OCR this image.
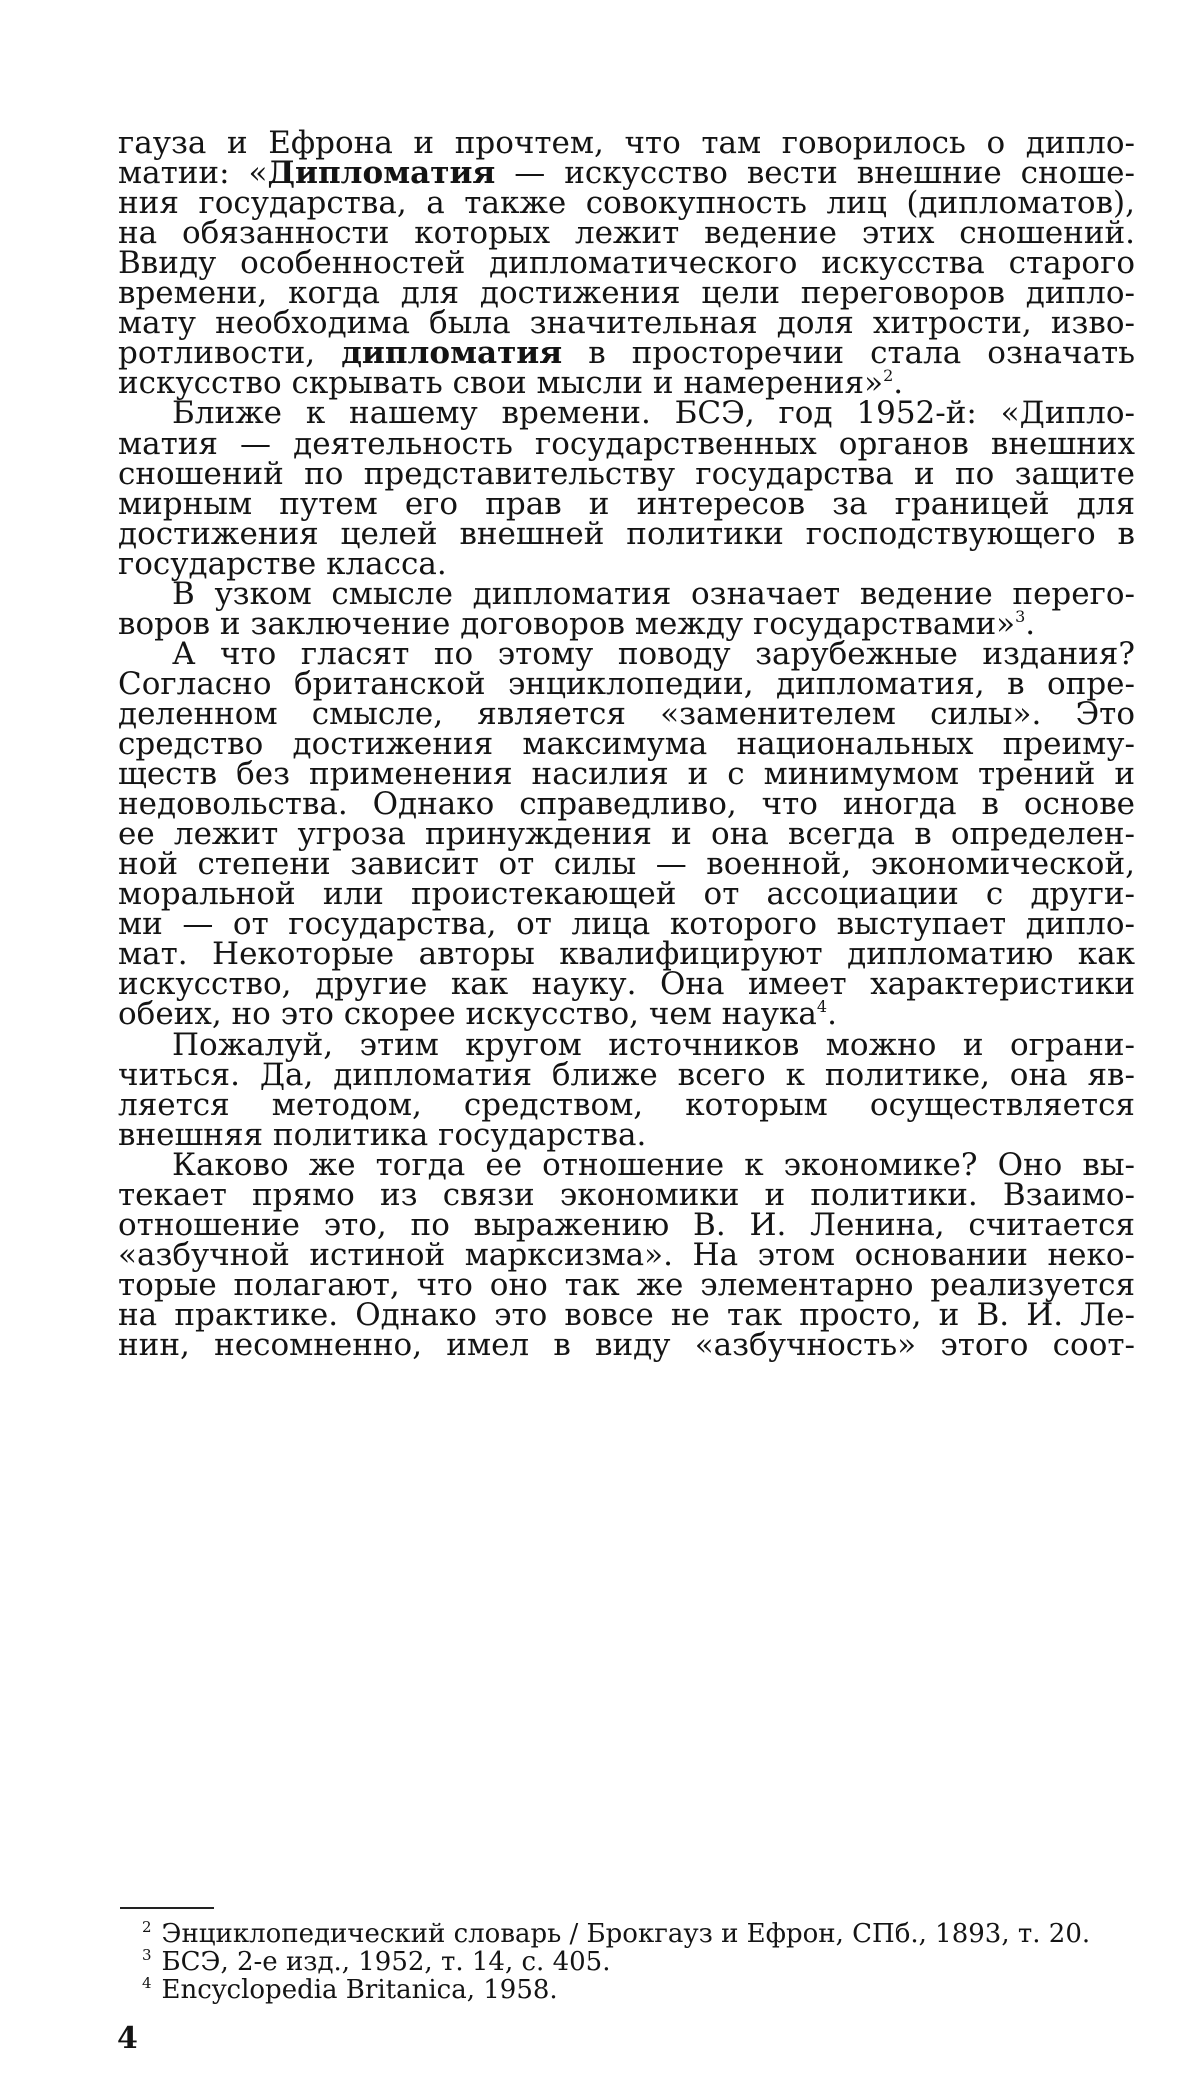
гауза и Ефрона и прочтем, что там говорилось о дипло-
матии: «Дипломатия — искусство вести внешние сноше-
ния государства, а также совокупность лиц (дипломатов),
на обязанности которых лежит ведение этих сношений.
Ввиду особенностей дипломатического искусства старого
времени, когда для достижения цели переговоров дипло-
мату необходима была значительная доля хитрости, изво-
ротливости, дипломатия в просторечии стала означать
искусство скрывать свои мысли и намерения»$^2$.
Ближе к нашему времени. БСЭ, год 1952-й: «Дипло-
матия — деятельность государственных органов внешних
сношений по представительству государства и по защите
мирным путем его прав и интересов за границей для
достижения целей внешней политики господствующего в
государстве класса.
В узком смысле дипломатия означает ведение перего-
воров и заключение договоров между государствами»$^3$.
А что гласят по этому поводу зарубежные издания?
Согласно британской энциклопедии, дипломатия, в опре-
деленном смысле, является «заменителем силы». Это
средство достижения максимума национальных преиму-
ществ без применения насилия и с минимумом трений и
недовольства. Однако справедливо, что иногда в основе
ее лежит угроза принуждения и она всегда в определен-
ной степени зависит от силы — военной, экономической,
моральной или проистекающей от ассоциации с други-
ми — от государства, от лица которого выступает дипло-
мат. Некоторые авторы квалифицируют дипломатию как
искусство, другие как науку. Она имеет характеристики
обеих, но это скорее искусство, чем наука$^4$.
Пожалуй, этим кругом источников можно и ограни-
читься. Да, дипломатия ближе всего к политике, она яв-
ляется методом, средством, которым осуществляется
внешняя политика государства.
Каково же тогда ее отношение к экономике? Оно вы-
текает прямо из связи экономики и политики. Взаимо-
отношение это, по выражению В. И. Ленина, считается
«азбучной истиной марксизма». На этом основании неко-
торые полагают, что оно так же элементарно реализуется
на практике. Однако это вовсе не так просто, и В. И. Ле-
нин, несомненно, имел в виду «азбучность» этого соот-
$^2$ Энциклопедический словарь / Брокгауз и Ефрон, СПб., 1893, т. 20.
$^3$ БСЭ, 2-е изд., 1952, т. 14, с. 405.
$^4$ Encyclopedia Britanica, 1958.
4
